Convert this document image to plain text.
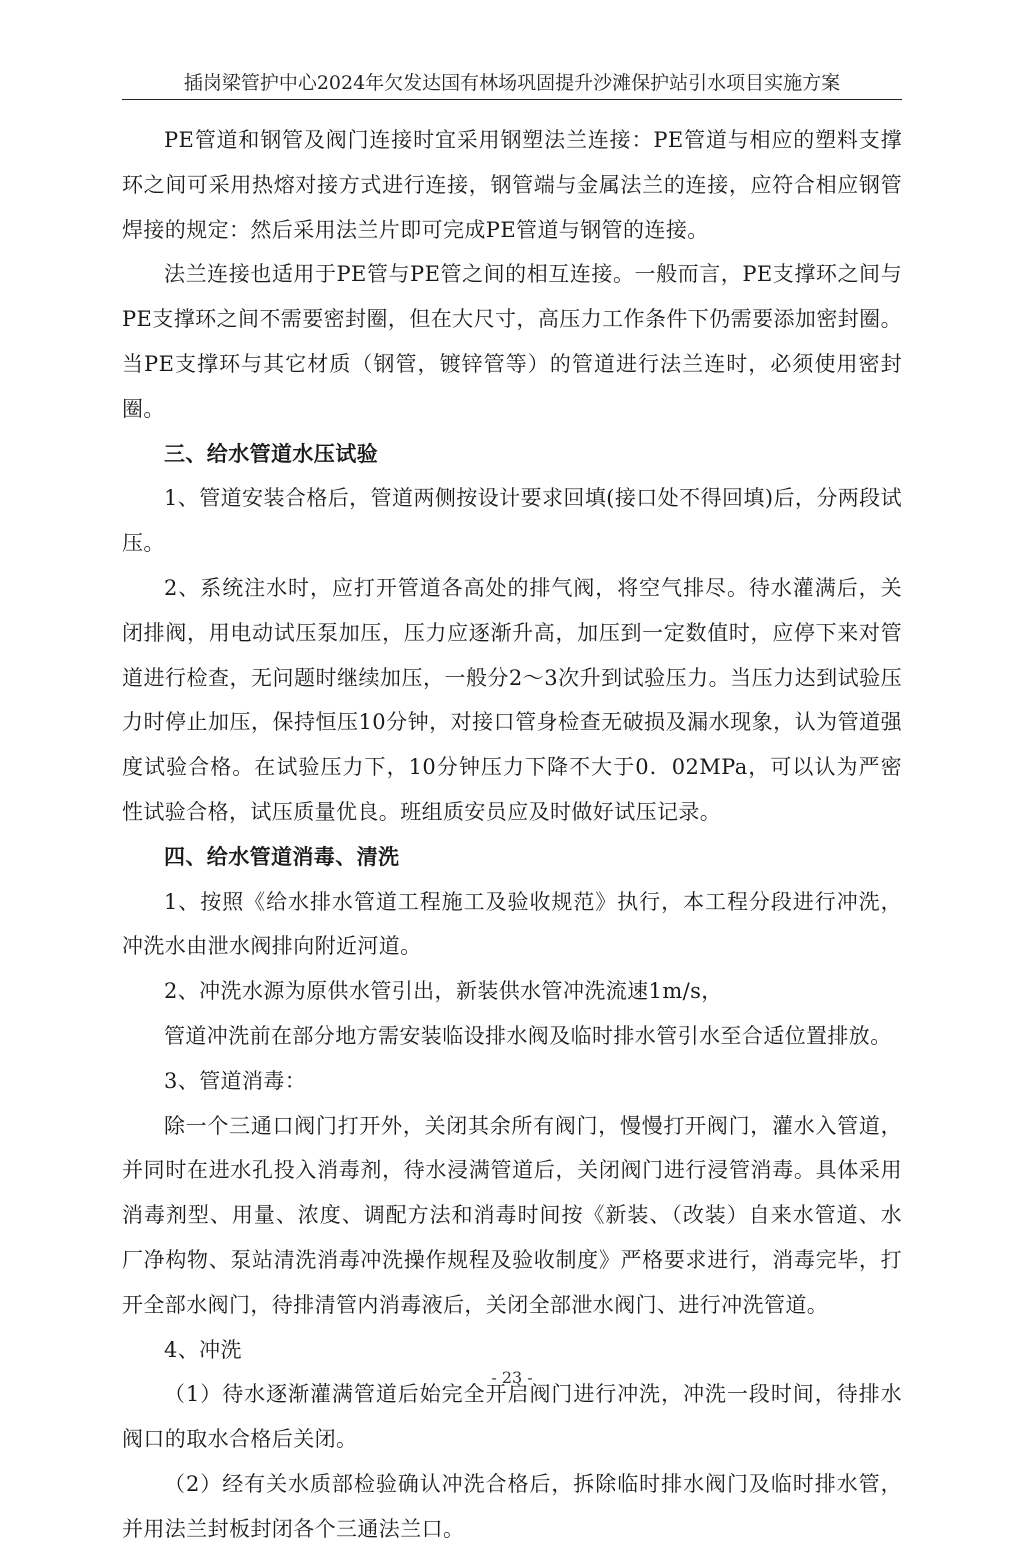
插岗梁管护中心2024年欠发达国有林场巩固提升沙滩保护站引水项目实施方案

PE管道和钢管及阀门连接时宜采用钢塑法兰连接：PE管道与相应的塑料支撑环之间可采用热熔对接方式进行连接，钢管端与金属法兰的连接，应符合相应钢管焊接的规定：然后采用法兰片即可完成PE管道与钢管的连接。

法兰连接也适用于PE管与PE管之间的相互连接。一般而言，PE支撑环之间与PE支撑环之间不需要密封圈，但在大尺寸，高压力工作条件下仍需要添加密封圈。当PE支撑环与其它材质（钢管，镀锌管等）的管道进行法兰连时，必须使用密封圈。

三、给水管道水压试验

1、管道安装合格后，管道两侧按设计要求回填(接口处不得回填)后，分两段试压。

2、系统注水时，应打开管道各高处的排气阀，将空气排尽。待水灌满后，关闭排阀，用电动试压泵加压，压力应逐渐升高，加压到一定数值时，应停下来对管道进行检查，无问题时继续加压，一般分2～3次升到试验压力。当压力达到试验压力时停止加压，保持恒压10分钟，对接口管身检查无破损及漏水现象，认为管道强度试验合格。在试验压力下，10分钟压力下降不大于0．02MPa，可以认为严密性试验合格，试压质量优良。班组质安员应及时做好试压记录。

四、给水管道消毒、清洗

1、按照《给水排水管道工程施工及验收规范》执行，本工程分段进行冲洗，冲洗水由泄水阀排向附近河道。

2、冲洗水源为原供水管引出，新装供水管冲洗流速1m/s，

管道冲洗前在部分地方需安装临设排水阀及临时排水管引水至合适位置排放。

3、管道消毒：

除一个三通口阀门打开外，关闭其余所有阀门，慢慢打开阀门，灌水入管道，并同时在进水孔投入消毒剂，待水浸满管道后，关闭阀门进行浸管消毒。具体采用消毒剂型、用量、浓度、调配方法和消毒时间按《新装、（改装）自来水管道、水厂净构物、泵站清洗消毒冲洗操作规程及验收制度》严格要求进行，消毒完毕，打开全部水阀门，待排清管内消毒液后，关闭全部泄水阀门、进行冲洗管道。

4、冲洗

（1）待水逐渐灌满管道后始完全开启阀门进行冲洗，冲洗一段时间，待排水阀口的取水合格后关闭。

（2）经有关水质部检验确认冲洗合格后，拆除临时排水阀门及临时排水管，并用法兰封板封闭各个三通法兰口。

- 23 -
